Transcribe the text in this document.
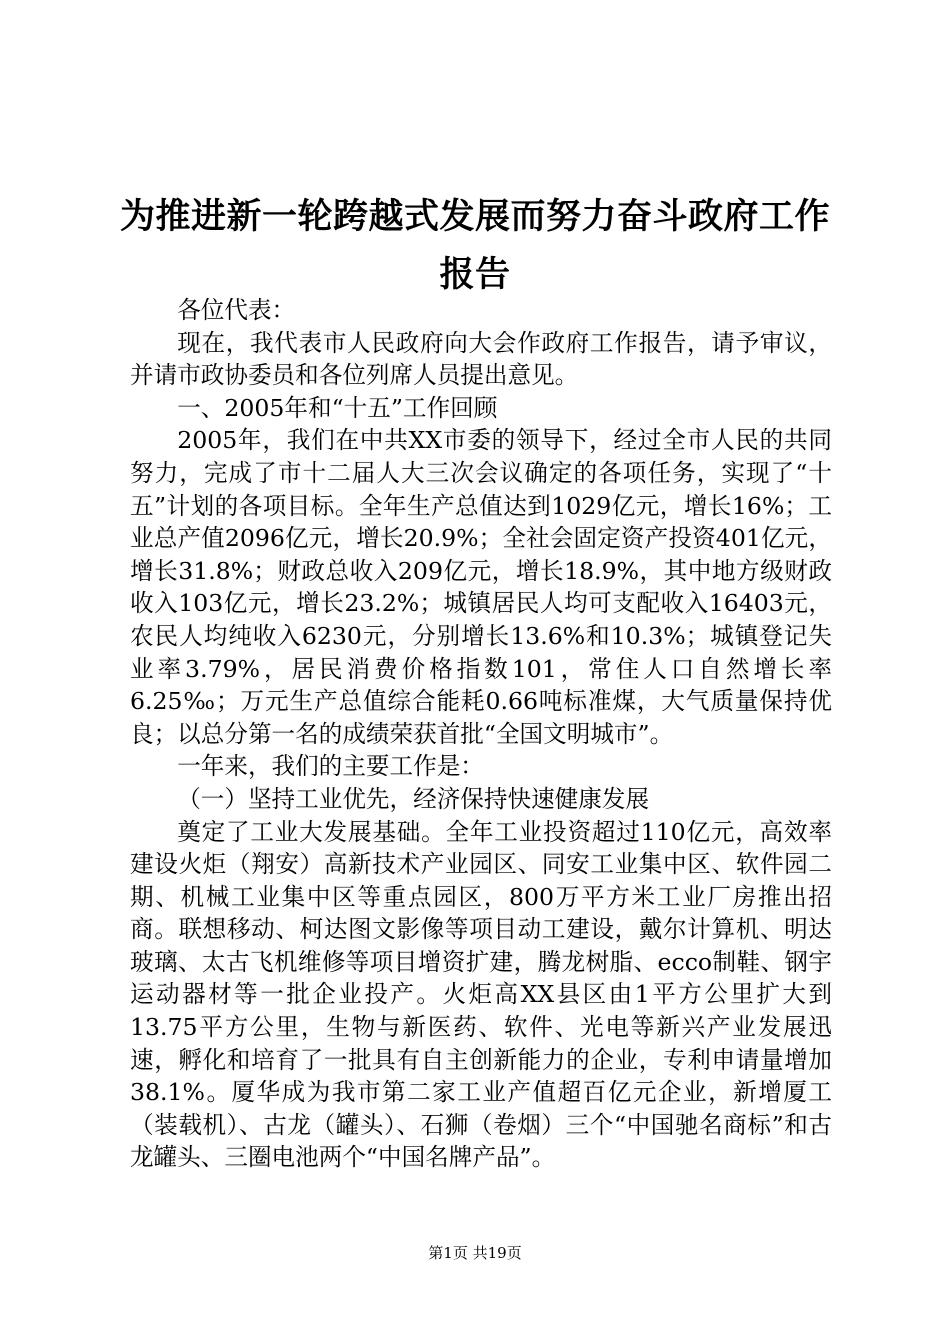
为推进新一轮跨越式发展而努力奋斗政府工作报告

各位代表：

现在，我代表市人民政府向大会作政府工作报告，请予审议，并请市政协委员和各位列席人员提出意见。

一、2005年和“十五”工作回顾

2005年，我们在中共XX市委的领导下，经过全市人民的共同努力，完成了市十二届人大三次会议确定的各项任务，实现了“十五”计划的各项目标。全年生产总值达到1029亿元，增长16%；工业总产值2096亿元，增长20.9%；全社会固定资产投资401亿元，增长31.8%；财政总收入209亿元，增长18.9%，其中地方级财政收入103亿元，增长23.2%；城镇居民人均可支配收入16403元，农民人均纯收入6230元，分别增长13.6%和10.3%；城镇登记失业率3.79%，居民消费价格指数101，常住人口自然增长率6.25‰；万元生产总值综合能耗0.66吨标准煤，大气质量保持优良；以总分第一名的成绩荣获首批“全国文明城市”。

一年来，我们的主要工作是：

（一）坚持工业优先，经济保持快速健康发展

奠定了工业大发展基础。全年工业投资超过110亿元，高效率建设火炬（翔安）高新技术产业园区、同安工业集中区、软件园二期、机械工业集中区等重点园区，800万平方米工业厂房推出招商。联想移动、柯达图文影像等项目动工建设，戴尔计算机、明达玻璃、太古飞机维修等项目增资扩建，腾龙树脂、ecco制鞋、钢宇运动器材等一批企业投产。火炬高XX县区由1平方公里扩大到13.75平方公里，生物与新医药、软件、光电等新兴产业发展迅速，孵化和培育了一批具有自主创新能力的企业，专利申请量增加38.1%。厦华成为我市第二家工业产值超百亿元企业，新增厦工（装载机）、古龙（罐头）、石狮（卷烟）三个“中国驰名商标”和古龙罐头、三圈电池两个“中国名牌产品”。

第1页 共19页
